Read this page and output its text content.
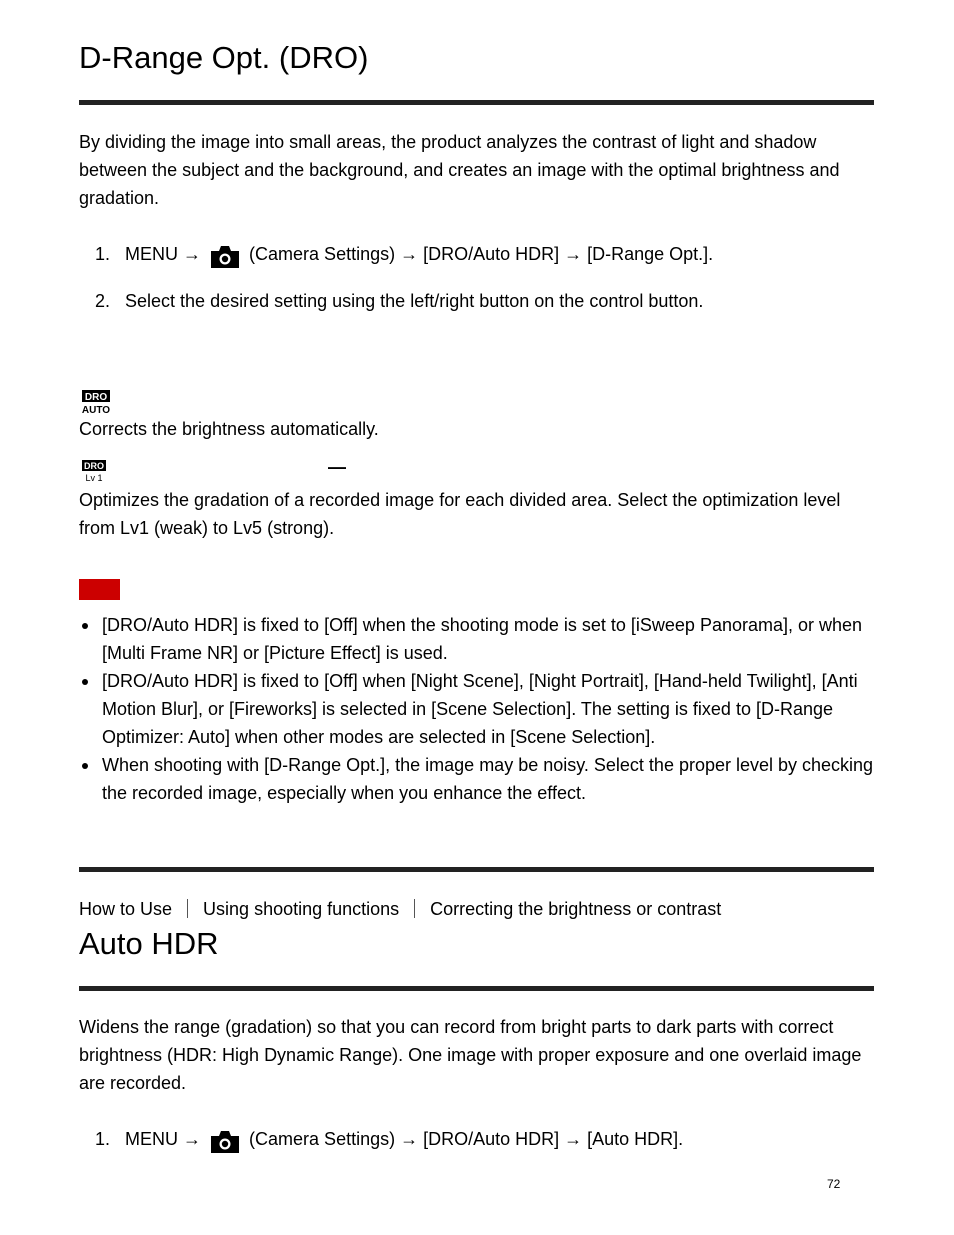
D-Range Opt. (DRO)

By dividing the image into small areas, the product analyzes the contrast of light and shadow between the subject and the background, and creates an image with the optimal brightness and gradation.

1. MENU →	(Camera Settings) → [DRO/Auto HDR] → [D-Range Opt.].
2. Select the desired setting using the left/right button on the control button.
DRO
AUTO

Corrects the brightness automatically.

DRO
Lv 1
—

Optimizes the gradation of a recorded image for each divided area. Select the optimization level from Lv1 (weak) to Lv5 (strong).

[DRO/Auto HDR] is fixed to [Off] when the shooting mode is set to [iSweep Panorama], or when [Multi Frame NR] or [Picture Effect] is used.
[DRO/Auto HDR] is fixed to [Off] when [Night Scene], [Night Portrait], [Hand-held Twilight], [Anti Motion Blur], or [Fireworks] is selected in [Scene Selection]. The setting is fixed to [D-Range Optimizer: Auto] when other modes are selected in [Scene Selection].
When shooting with [D-Range Opt.], the image may be noisy. Select the proper level by checking the recorded image, especially when you enhance the effect.
How to Use Using shooting functions Correcting the brightness or contrast
Auto HDR

Widens the range (gradation) so that you can record from bright parts to dark parts with correct brightness (HDR: High Dynamic Range). One image with proper exposure and one overlaid image are recorded.

1. MENU →	(Camera Settings) → [DRO/Auto HDR] → [Auto HDR].
72
